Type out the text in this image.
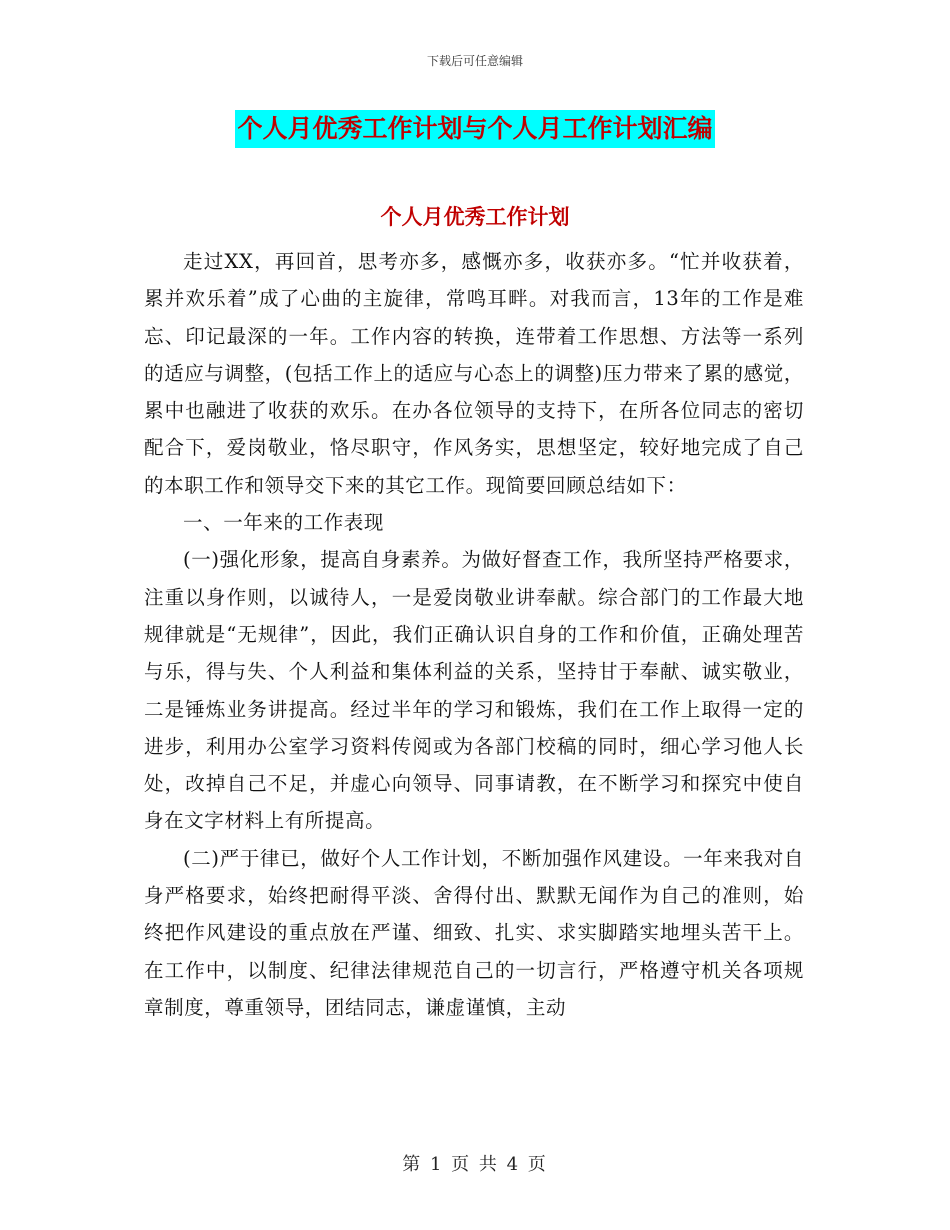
下载后可任意编辑
个人月优秀工作计划与个人月工作计划汇编
个人月优秀工作计划

走过XX，再回首，思考亦多，感慨亦多，收获亦多。“忙并收获着，累并欢乐着”成了心曲的主旋律，常鸣耳畔。对我而言，13年的工作是难忘、印记最深的一年。工作内容的转换，连带着工作思想、方法等一系列的适应与调整，(包括工作上的适应与心态上的调整)压力带来了累的感觉，累中也融进了收获的欢乐。在办各位领导的支持下，在所各位同志的密切配合下，爱岗敬业，恪尽职守，作风务实，思想坚定，较好地完成了自己的本职工作和领导交下来的其它工作。现简要回顾总结如下：

一、一年来的工作表现

(一)强化形象，提高自身素养。为做好督查工作，我所坚持严格要求，注重以身作则，以诚待人，一是爱岗敬业讲奉献。综合部门的工作最大地规律就是“无规律”，因此，我们正确认识自身的工作和价值，正确处理苦与乐，得与失、个人利益和集体利益的关系，坚持甘于奉献、诚实敬业，二是锤炼业务讲提高。经过半年的学习和锻炼，我们在工作上取得一定的进步，利用办公室学习资料传阅或为各部门校稿的同时，细心学习他人长处，改掉自己不足，并虚心向领导、同事请教，在不断学习和探究中使自身在文字材料上有所提高。

(二)严于律已，做好个人工作计划，不断加强作风建设。一年来我对自身严格要求，始终把耐得平淡、舍得付出、默默无闻作为自己的准则，始终把作风建设的重点放在严谨、细致、扎实、求实脚踏实地埋头苦干上。在工作中，以制度、纪律法律规范自己的一切言行，严格遵守机关各项规章制度，尊重领导，团结同志，谦虚谨慎，主动

第 1 页 共 4 页
